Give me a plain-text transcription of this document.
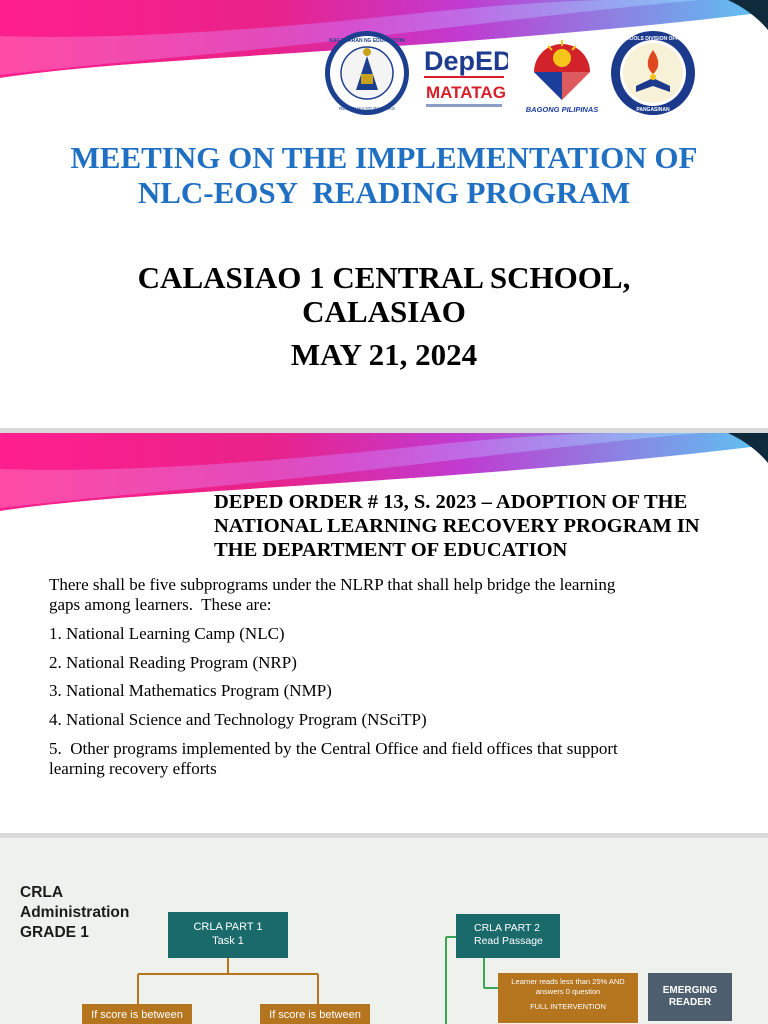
KAGAWARAN NG EDUKASYON
REPUBLIKA NG PILIPINAS
DepED
MATATAG
BAGONG PILIPINAS
SCHOOLS DIVISION OFFICE
PANGASINAN

MEETING ON THE IMPLEMENTATION OF
NLC-EOSY  READING PROGRAM

CALASIAO 1 CENTRAL SCHOOL,
CALASIAO

MAY 21, 2024

DEPED ORDER # 13, S. 2023 – ADOPTION OF THE
NATIONAL LEARNING RECOVERY PROGRAM IN
THE DEPARTMENT OF EDUCATION

There shall be five subprograms under the NLRP that shall help bridge the learning
gaps among learners.  These are:

1. National Learning Camp (NLC)

2. National Reading Program (NRP)

3. National Mathematics Program (NMP)

4. National Science and Technology Program (NSciTP)

5.  Other programs implemented by the Central Office and field offices that support
learning recovery efforts

CRLA
Administration
GRADE 1	CRLA PART 1
Task 1
If score is between	If score is between
CRLA PART 2
Read Passage
Learner reads less than 25% AND
answers 0 question

FULL INTERVENTION
EMERGING
READER
